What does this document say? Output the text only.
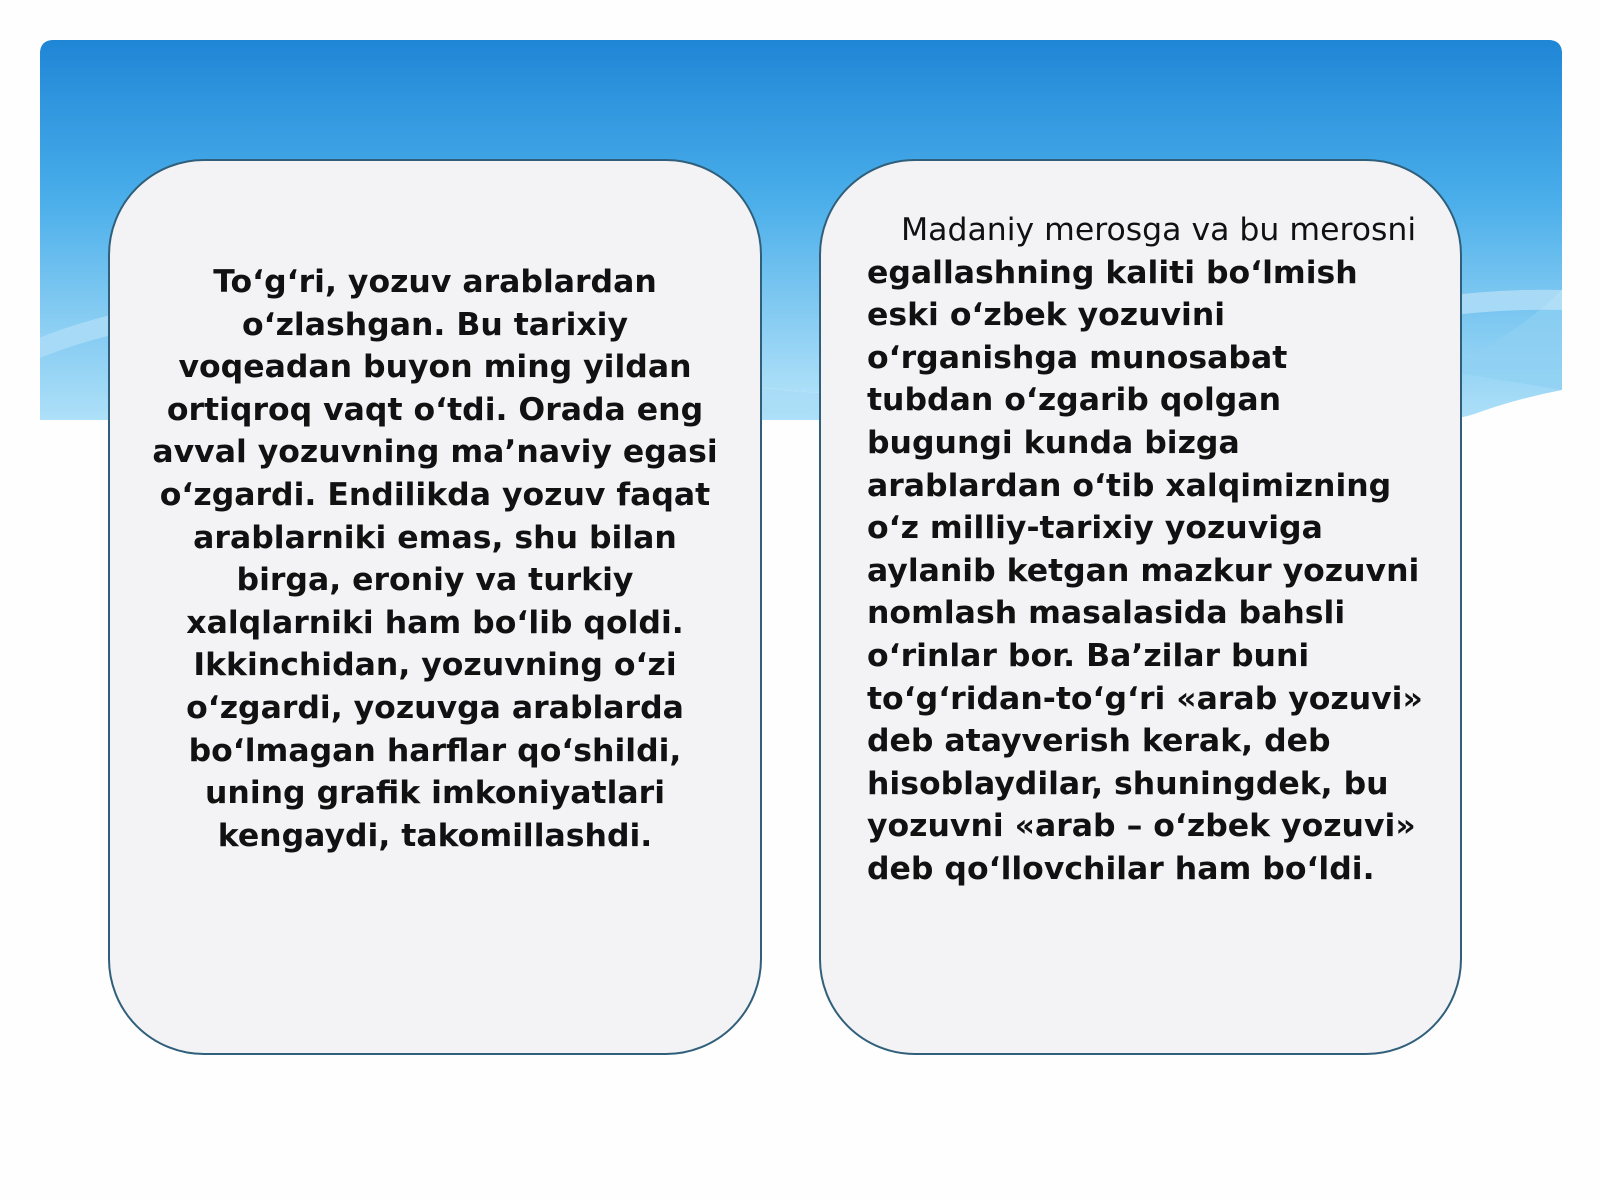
To‘g‘ri, yozuv arablardan o‘zlashgan. Bu tarixiy voqeadan buyon ming yildan ortiqroq vaqt o‘tdi. Orada eng avval yozuvning ma’naviy egasi o‘zgardi. Endilikda yozuv faqat arablarniki emas, shu bilan birga, eroniy va turkiy xalqlarniki ham bo‘lib qoldi. Ikkinchidan, yozuvning o‘zi o‘zgardi, yozuvga arablarda bo‘lmagan harflar qo‘shildi, uning grafik imkoniyatlari kengaydi, takomillashdi.

Madaniy merosga va bu merosni egallashning kaliti bo‘lmish eski o‘zbek yozuvini o‘rganishga munosabat tubdan o‘zgarib qolgan bugungi kunda bizga arablardan o‘tib xalqimizning o‘z milliy-tarixiy yozuviga aylanib ketgan mazkur yozuvni nomlash masalasida bahsli o‘rinlar bor. Ba’zilar buni to‘g‘ridan-to‘g‘ri «arab yozuvi» deb atayverish kerak, deb hisoblaydilar, shuningdek, bu yozuvni «arab – o‘zbek yozuvi» deb qo‘llovchilar ham bo‘ldi.
